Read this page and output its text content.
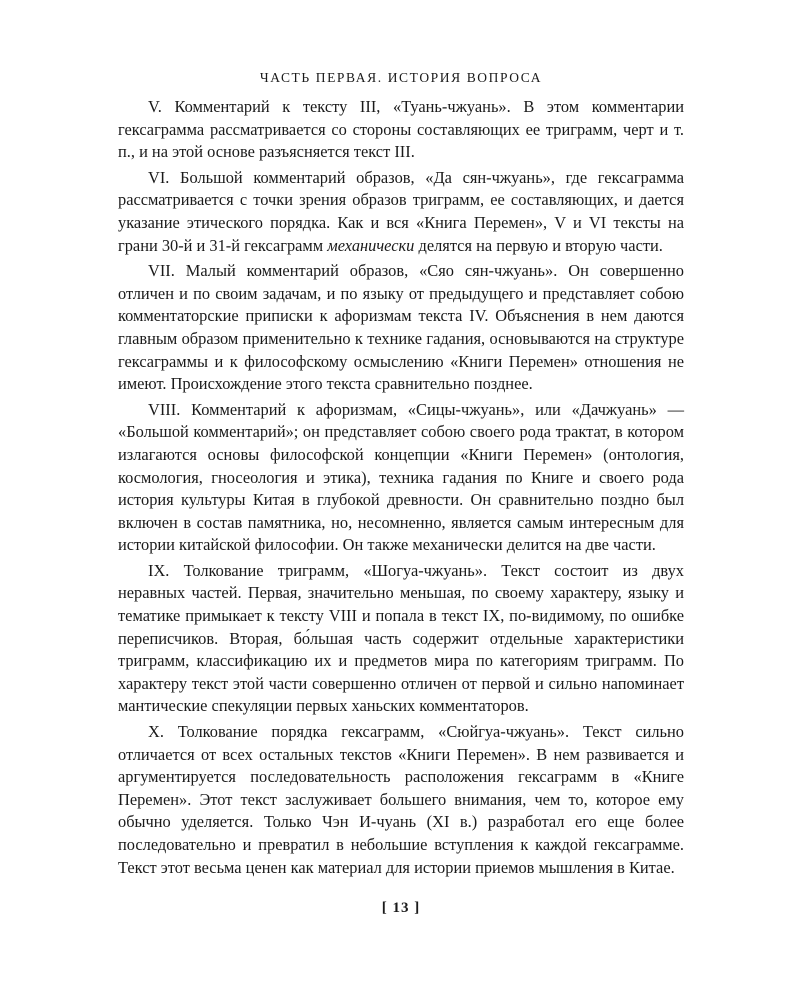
ЧАСТЬ ПЕРВАЯ. ИСТОРИЯ ВОПРОСА

V. Комментарий к тексту III, «Туань-чжуань». В этом комментарии гексаграмма рассматривается со стороны составляющих ее триграмм, черт и т. п., и на этой основе разъясняется текст III.

VI. Большой комментарий образов, «Да сян-чжуань», где гексаграмма рассматривается с точки зрения образов триграмм, ее составляющих, и дается указание этического порядка. Как и вся «Книга Перемен», V и VI тексты на грани 30-й и 31-й гексаграмм механически делятся на первую и вторую части.

VII. Малый комментарий образов, «Сяо сян-чжуань». Он совершенно отличен и по своим задачам, и по языку от предыдущего и представляет собою комментаторские приписки к афоризмам текста IV. Объяснения в нем даются главным образом применительно к технике гадания, основываются на структуре гексаграммы и к философскому осмыслению «Книги Перемен» отношения не имеют. Происхождение этого текста сравнительно позднее.

VIII. Комментарий к афоризмам, «Сицы-чжуань», или «Дачжуань» — «Большой комментарий»; он представляет собою своего рода трактат, в котором излагаются основы философской концепции «Книги Перемен» (онтология, космология, гносеология и этика), техника гадания по Книге и своего рода история культуры Китая в глубокой древности. Он сравнительно поздно был включен в состав памятника, но, несомненно, является самым интересным для истории китайской философии. Он также механически делится на две части.

IX. Толкование триграмм, «Шогуа-чжуань». Текст состоит из двух неравных частей. Первая, значительно меньшая, по своему характеру, языку и тематике примыкает к тексту VIII и попала в текст IX, по-видимому, по ошибке переписчиков. Вторая, бо́льшая часть содержит отдельные характеристики триграмм, классификацию их и предметов мира по категориям триграмм. По характеру текст этой части совершенно отличен от первой и сильно напоминает мантические спекуляции первых ханьских комментаторов.

X. Толкование порядка гексаграмм, «Сюйгуа-чжуань». Текст сильно отличается от всех остальных текстов «Книги Перемен». В нем развивается и аргументируется последовательность расположения гексаграмм в «Книге Перемен». Этот текст заслуживает большего внимания, чем то, которое ему обычно уделяется. Только Чэн И-чуань (XI в.) разработал его еще более последовательно и превратил в небольшие вступления к каждой гексаграмме. Текст этот весьма ценен как материал для истории приемов мышления в Китае.

[ 13 ]
